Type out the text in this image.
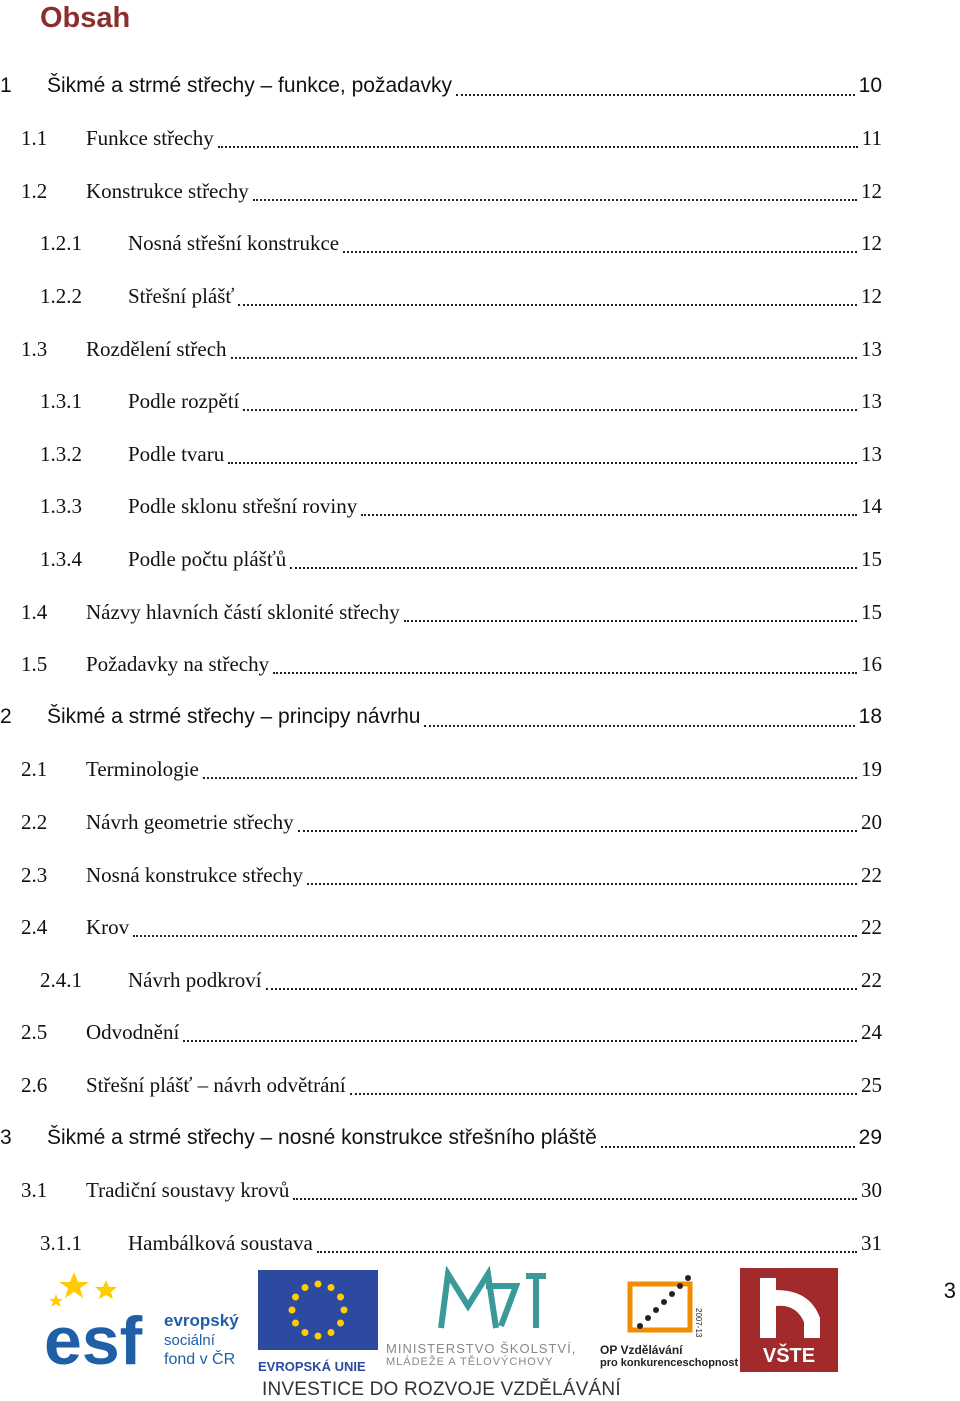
Obsah
1	Šikmé a strmé střechy – funkce, požadavky	10
1.1	Funkce střechy	11
1.2	Konstrukce střechy	12
1.2.1	Nosná střešní konstrukce	12
1.2.2	Střešní plášť	12
1.3	Rozdělení střech	13
1.3.1	Podle rozpětí	13
1.3.2	Podle tvaru	13
1.3.3	Podle sklonu střešní roviny	14
1.3.4	Podle počtu plášťů	15
1.4	Názvy hlavních částí sklonité střechy	15
1.5	Požadavky na střechy	16
2	Šikmé a strmé střechy – principy návrhu	18
2.1	Terminologie	19
2.2	Návrh geometrie střechy	20
2.3	Nosná konstrukce střechy	22
2.4	Krov	22
2.4.1	Návrh podkroví	22
2.5	Odvodnění	24
2.6	Střešní plášť – návrh odvětrání	25
3	Šikmé a strmé střechy – nosné konstrukce střešního pláště	29
3.1	Tradiční soustavy krovů	30
3.1.1	Hambálková soustava	31
3
esf evropský
sociální
fond v ČR EVROPSKÁ UNIE
MINISTERSTVO ŠKOLSTVÍ,
MLÁDEŽE A TĚLOVÝCHOVY
2007-13
OP Vzdělávání
pro konkurenceschopnost VŠTE
INVESTICE DO ROZVOJE VZDĚLÁVÁNÍ
